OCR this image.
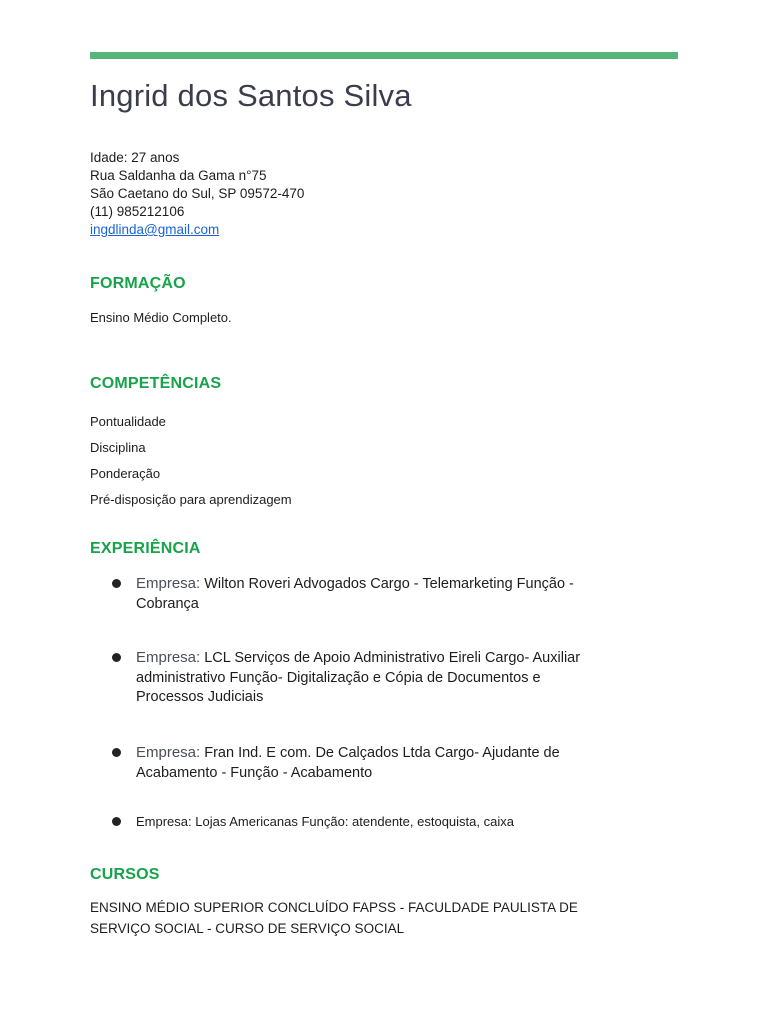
Ingrid dos Santos Silva
Idade: 27 anos
Rua Saldanha da Gama n°75
São Caetano do Sul, SP 09572-470
(11) 985212106
ingdlinda@gmail.com
FORMAÇÃO
Ensino Médio Completo.
COMPETÊNCIAS
Pontualidade
Disciplina
Ponderação
Pré-disposição para aprendizagem
EXPERIÊNCIA
Empresa: Wilton Roveri Advogados Cargo - Telemarketing Função - Cobrança
Empresa: LCL Serviços de Apoio Administrativo Eireli Cargo- Auxiliar administrativo Função- Digitalização e Cópia de Documentos e Processos Judiciais
Empresa: Fran Ind. E com. De Calçados Ltda Cargo- Ajudante de Acabamento - Função - Acabamento
Empresa: Lojas Americanas Função: atendente, estoquista, caixa
CURSOS
ENSINO MÉDIO SUPERIOR CONCLUÍDO FAPSS - FACULDADE PAULISTA DE SERVIÇO SOCIAL - CURSO DE SERVIÇO SOCIAL
